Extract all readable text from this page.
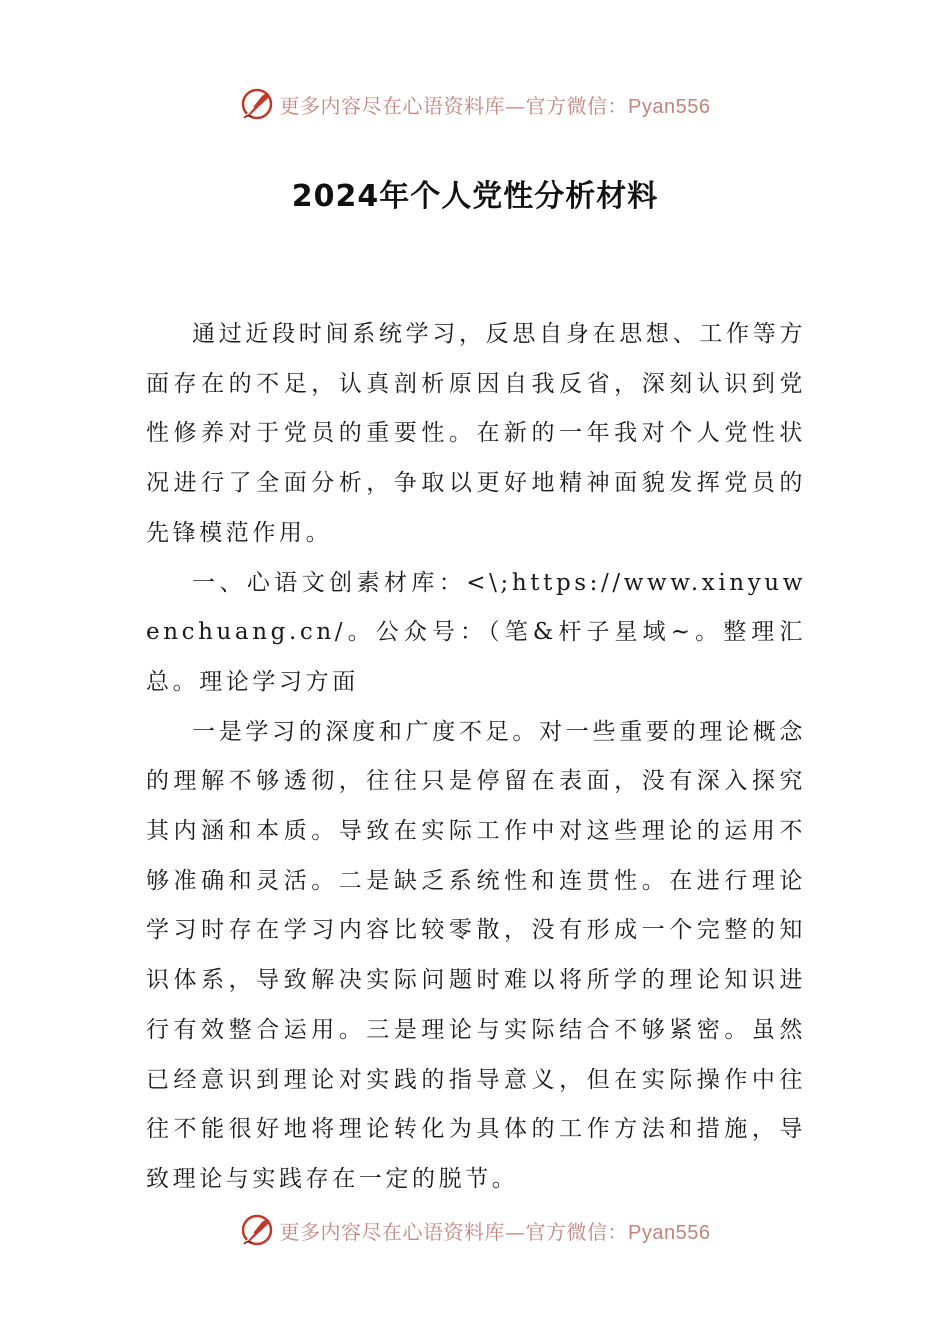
更多内容尽在心语资料库—官方微信：Pyan556
2024年个人党性分析材料

通过近段时间系统学习，反思自身在思想、工作等方面存在的不足，认真剖析原因自我反省，深刻认识到党性修养对于党员的重要性。在新的一年我对个人党性状况进行了全面分析，争取以更好地精神面貌发挥党员的先锋模范作用。

一、心语文创素材库：<\;https://www.xinyuwenchuang.cn/。公众号：（笔&杆子星域~。整理汇总。理论学习方面

一是学习的深度和广度不足。对一些重要的理论概念的理解不够透彻，往往只是停留在表面，没有深入探究其内涵和本质。导致在实际工作中对这些理论的运用不够准确和灵活。二是缺乏系统性和连贯性。在进行理论学习时存在学习内容比较零散，没有形成一个完整的知识体系，导致解决实际问题时难以将所学的理论知识进行有效整合运用。三是理论与实际结合不够紧密。虽然已经意识到理论对实践的指导意义，但在实际操作中往往不能很好地将理论转化为具体的工作方法和措施，导致理论与实践存在一定的脱节。

更多内容尽在心语资料库—官方微信：Pyan556
